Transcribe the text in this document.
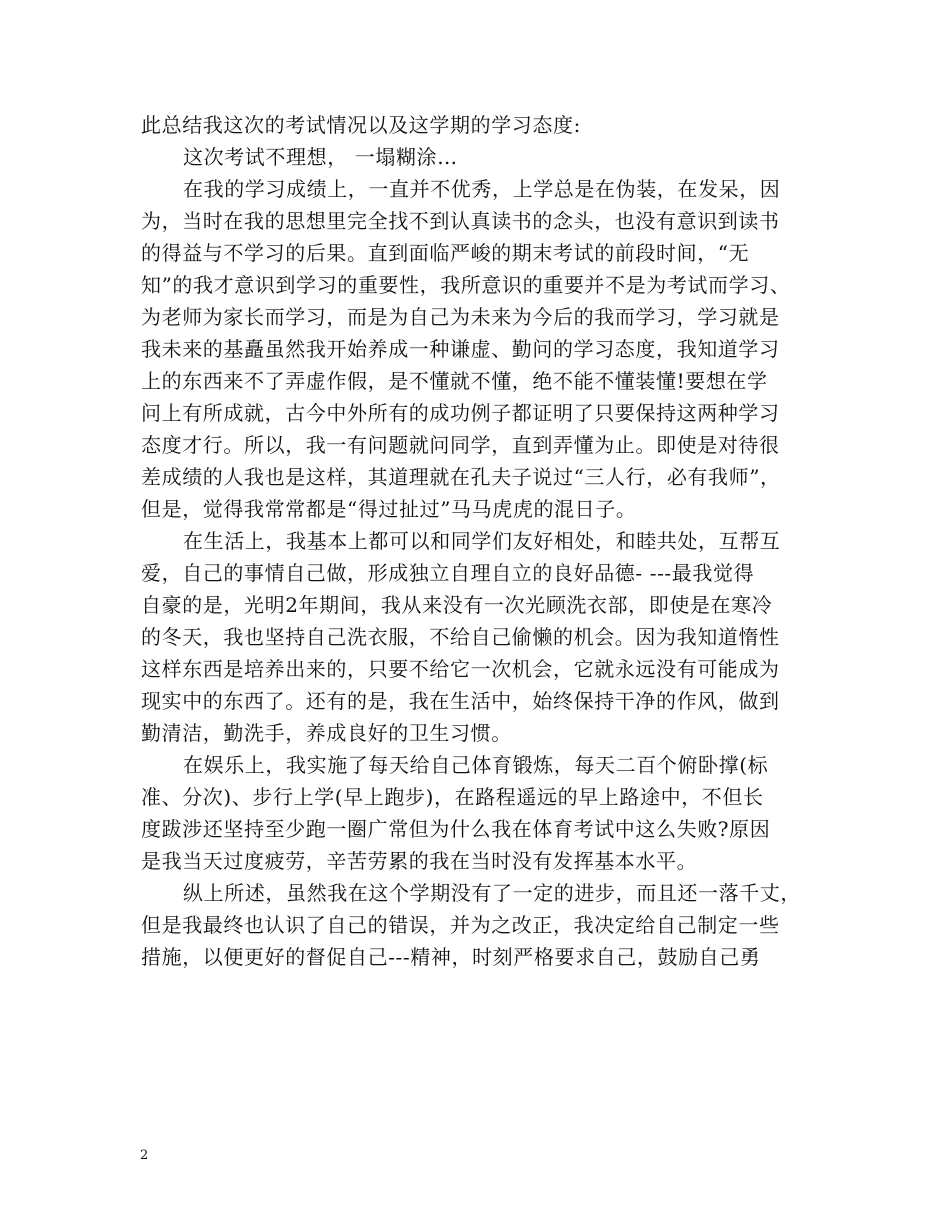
此总结我这次的考试情况以及这学期的学习态度:
这次考试不理想， 一塌糊涂…
在我的学习成绩上，一直并不优秀，上学总是在伪装，在发呆，因
为，当时在我的思想里完全找不到认真读书的念头，也没有意识到读书
的得益与不学习的后果。直到面临严峻的期末考试的前段时间，“无
知”的我才意识到学习的重要性，我所意识的重要并不是为考试而学习、
为老师为家长而学习，而是为自己为未来为今后的我而学习，学习就是
我未来的基矗虽然我开始养成一种谦虚、勤问的学习态度，我知道学习
上的东西来不了弄虚作假，是不懂就不懂，绝不能不懂装懂!要想在学
问上有所成就，古今中外所有的成功例子都证明了只要保持这两种学习
态度才行。所以，我一有问题就问同学，直到弄懂为止。即使是对待很
差成绩的人我也是这样，其道理就在孔夫子说过“三人行，必有我师”，
但是，觉得我常常都是“得过扯过”马马虎虎的混日子。
在生活上，我基本上都可以和同学们友好相处，和睦共处，互帮互
爱，自己的事情自己做，形成独立自理自立的良好品德- ---最我觉得
自豪的是，光明2年期间，我从来没有一次光顾洗衣部，即使是在寒冷
的冬天，我也坚持自己洗衣服，不给自己偷懒的机会。因为我知道惰性
这样东西是培养出来的，只要不给它一次机会，它就永远没有可能成为
现实中的东西了。还有的是，我在生活中，始终保持干净的作风，做到
勤清洁，勤洗手，养成良好的卫生习惯。
在娱乐上，我实施了每天给自己体育锻炼，每天二百个俯卧撑(标
准、分次)、步行上学(早上跑步)，在路程遥远的早上路途中，不但长
度跋涉还坚持至少跑一圈广常但为什么我在体育考试中这么失败?原因
是我当天过度疲劳，辛苦劳累的我在当时没有发挥基本水平。
纵上所述，虽然我在这个学期没有了一定的进步，而且还一落千丈，
但是我最终也认识了自己的错误，并为之改正，我决定给自己制定一些
措施，以便更好的督促自己---精神，时刻严格要求自己，鼓励自己勇
2
